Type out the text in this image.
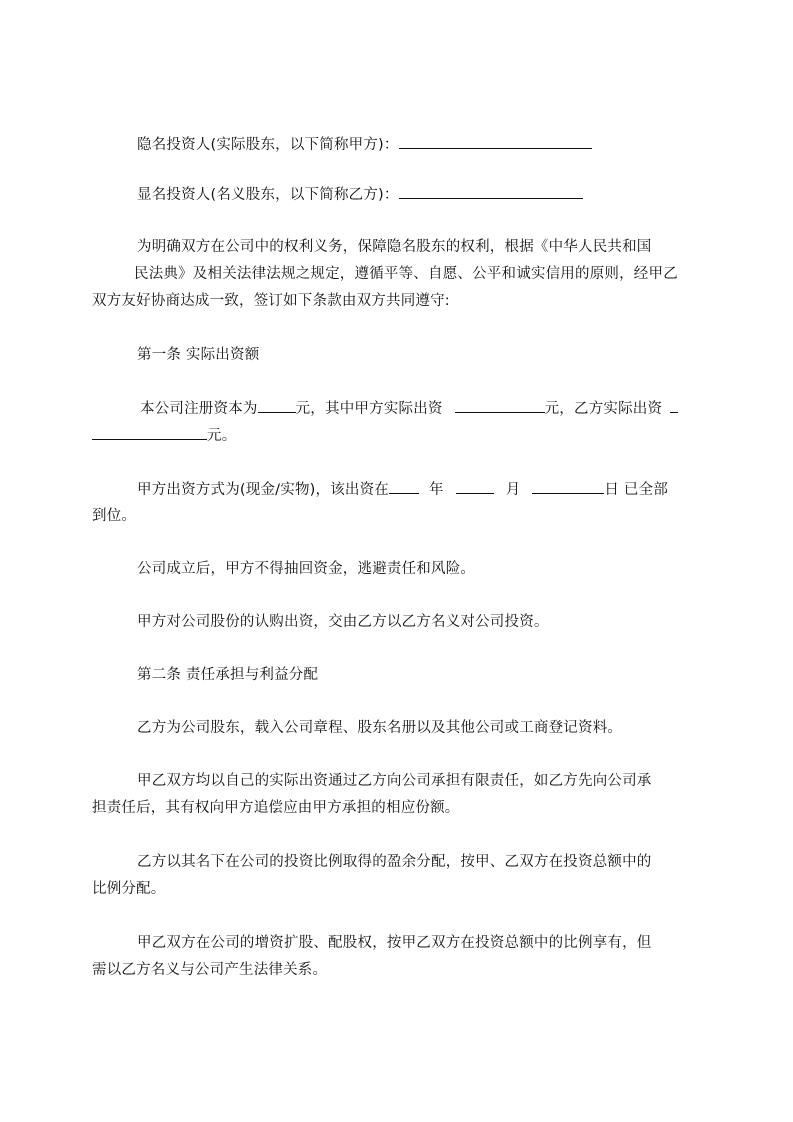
隐名投资人(实际股东，以下简称甲方)：
显名投资人(名义股东，以下简称乙方)：
为明确双方在公司中的权利义务，保障隐名股东的权利，根据《中华人民共和国
民法典》及相关法律法规之规定，遵循平等、自愿、公平和诚实信用的原则，经甲乙
双方友好协商达成一致，签订如下条款由双方共同遵守:
第一条 实际出资额
本公司注册资本为	元，其中甲方实际出资	元，乙方实际出资
元。
甲方出资方式为(现金/实物)，该出资在	年	月	日 已全部
到位。
公司成立后，甲方不得抽回资金，逃避责任和风险。
甲方对公司股份的认购出资，交由乙方以乙方名义对公司投资。
第二条 责任承担与利益分配
乙方为公司股东，载入公司章程、股东名册以及其他公司或工商登记资料。
甲乙双方均以自己的实际出资通过乙方向公司承担有限责任，如乙方先向公司承
担责任后，其有权向甲方追偿应由甲方承担的相应份额。
乙方以其名下在公司的投资比例取得的盈余分配，按甲、乙双方在投资总额中的
比例分配。
甲乙双方在公司的增资扩股、配股权，按甲乙双方在投资总额中的比例享有，但
需以乙方名义与公司产生法律关系。
